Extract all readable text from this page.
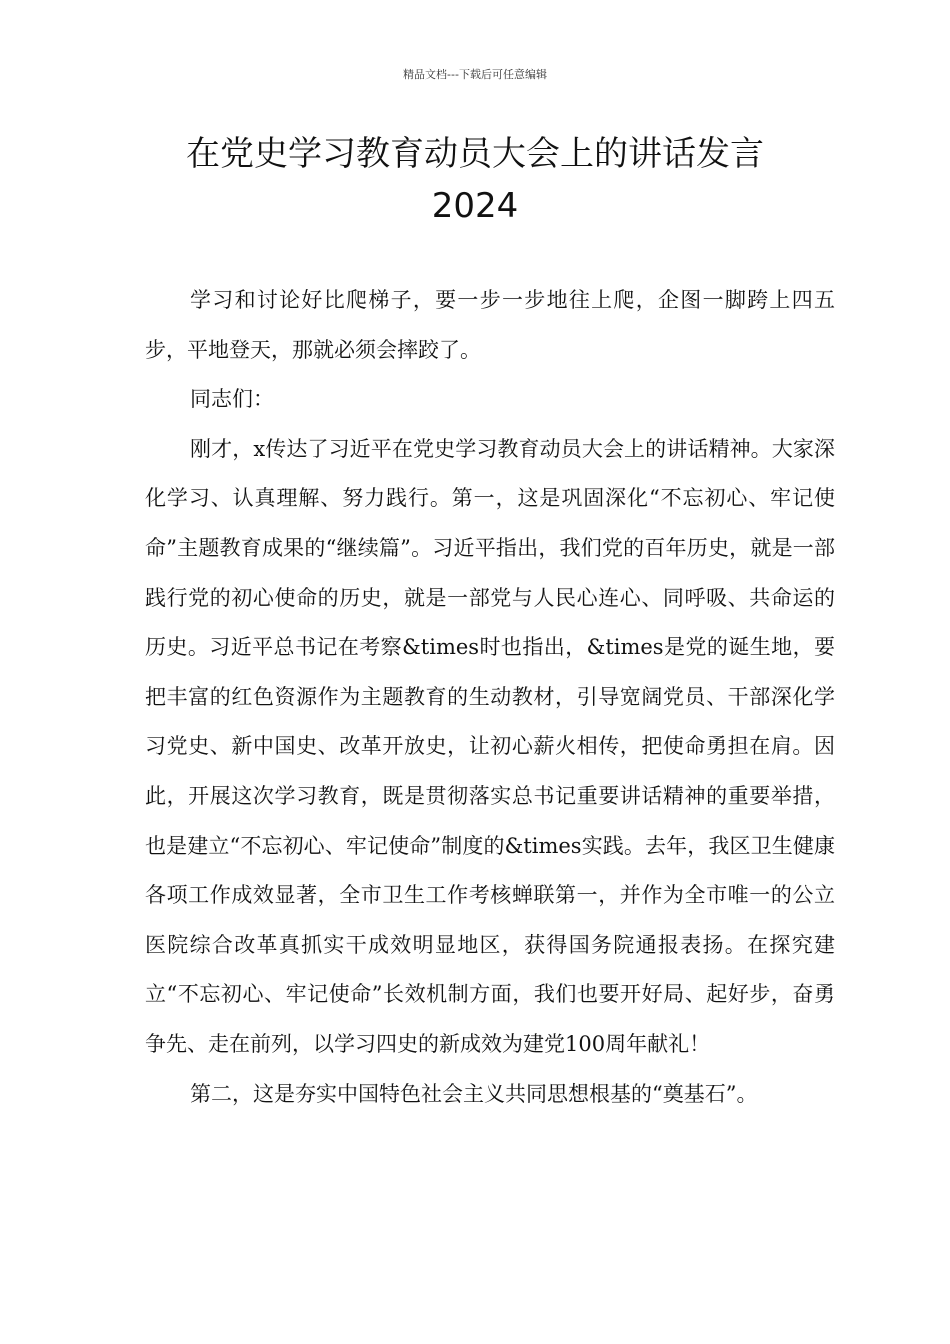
精品文档---下载后可任意编辑
在党史学习教育动员大会上的讲话发言
2024

学习和讨论好比爬梯子，要一步一步地往上爬，企图一脚跨上四五步，平地登天，那就必须会摔跤了。

同志们：

刚才，x传达了习近平在党史学习教育动员大会上的讲话精神。大家深化学习、认真理解、努力践行。第一，这是巩固深化“不忘初心、牢记使命”主题教育成果的“继续篇”。习近平指出，我们党的百年历史，就是一部践行党的初心使命的历史，就是一部党与人民心连心、同呼吸、共命运的历史。习近平总书记在考察&times时也指出，&times是党的诞生地，要把丰富的红色资源作为主题教育的生动教材，引导宽阔党员、干部深化学习党史、新中国史、改革开放史，让初心薪火相传，把使命勇担在肩。因此，开展这次学习教育，既是贯彻落实总书记重要讲话精神的重要举措，也是建立“不忘初心、牢记使命”制度的&times实践。去年，我区卫生健康各项工作成效显著，全市卫生工作考核蝉联第一，并作为全市唯一的公立医院综合改革真抓实干成效明显地区，获得国务院通报表扬。在探究建立“不忘初心、牢记使命”长效机制方面，我们也要开好局、起好步，奋勇争先、走在前列，以学习四史的新成效为建党100周年献礼！

第二，这是夯实中国特色社会主义共同思想根基的“奠基石”。
